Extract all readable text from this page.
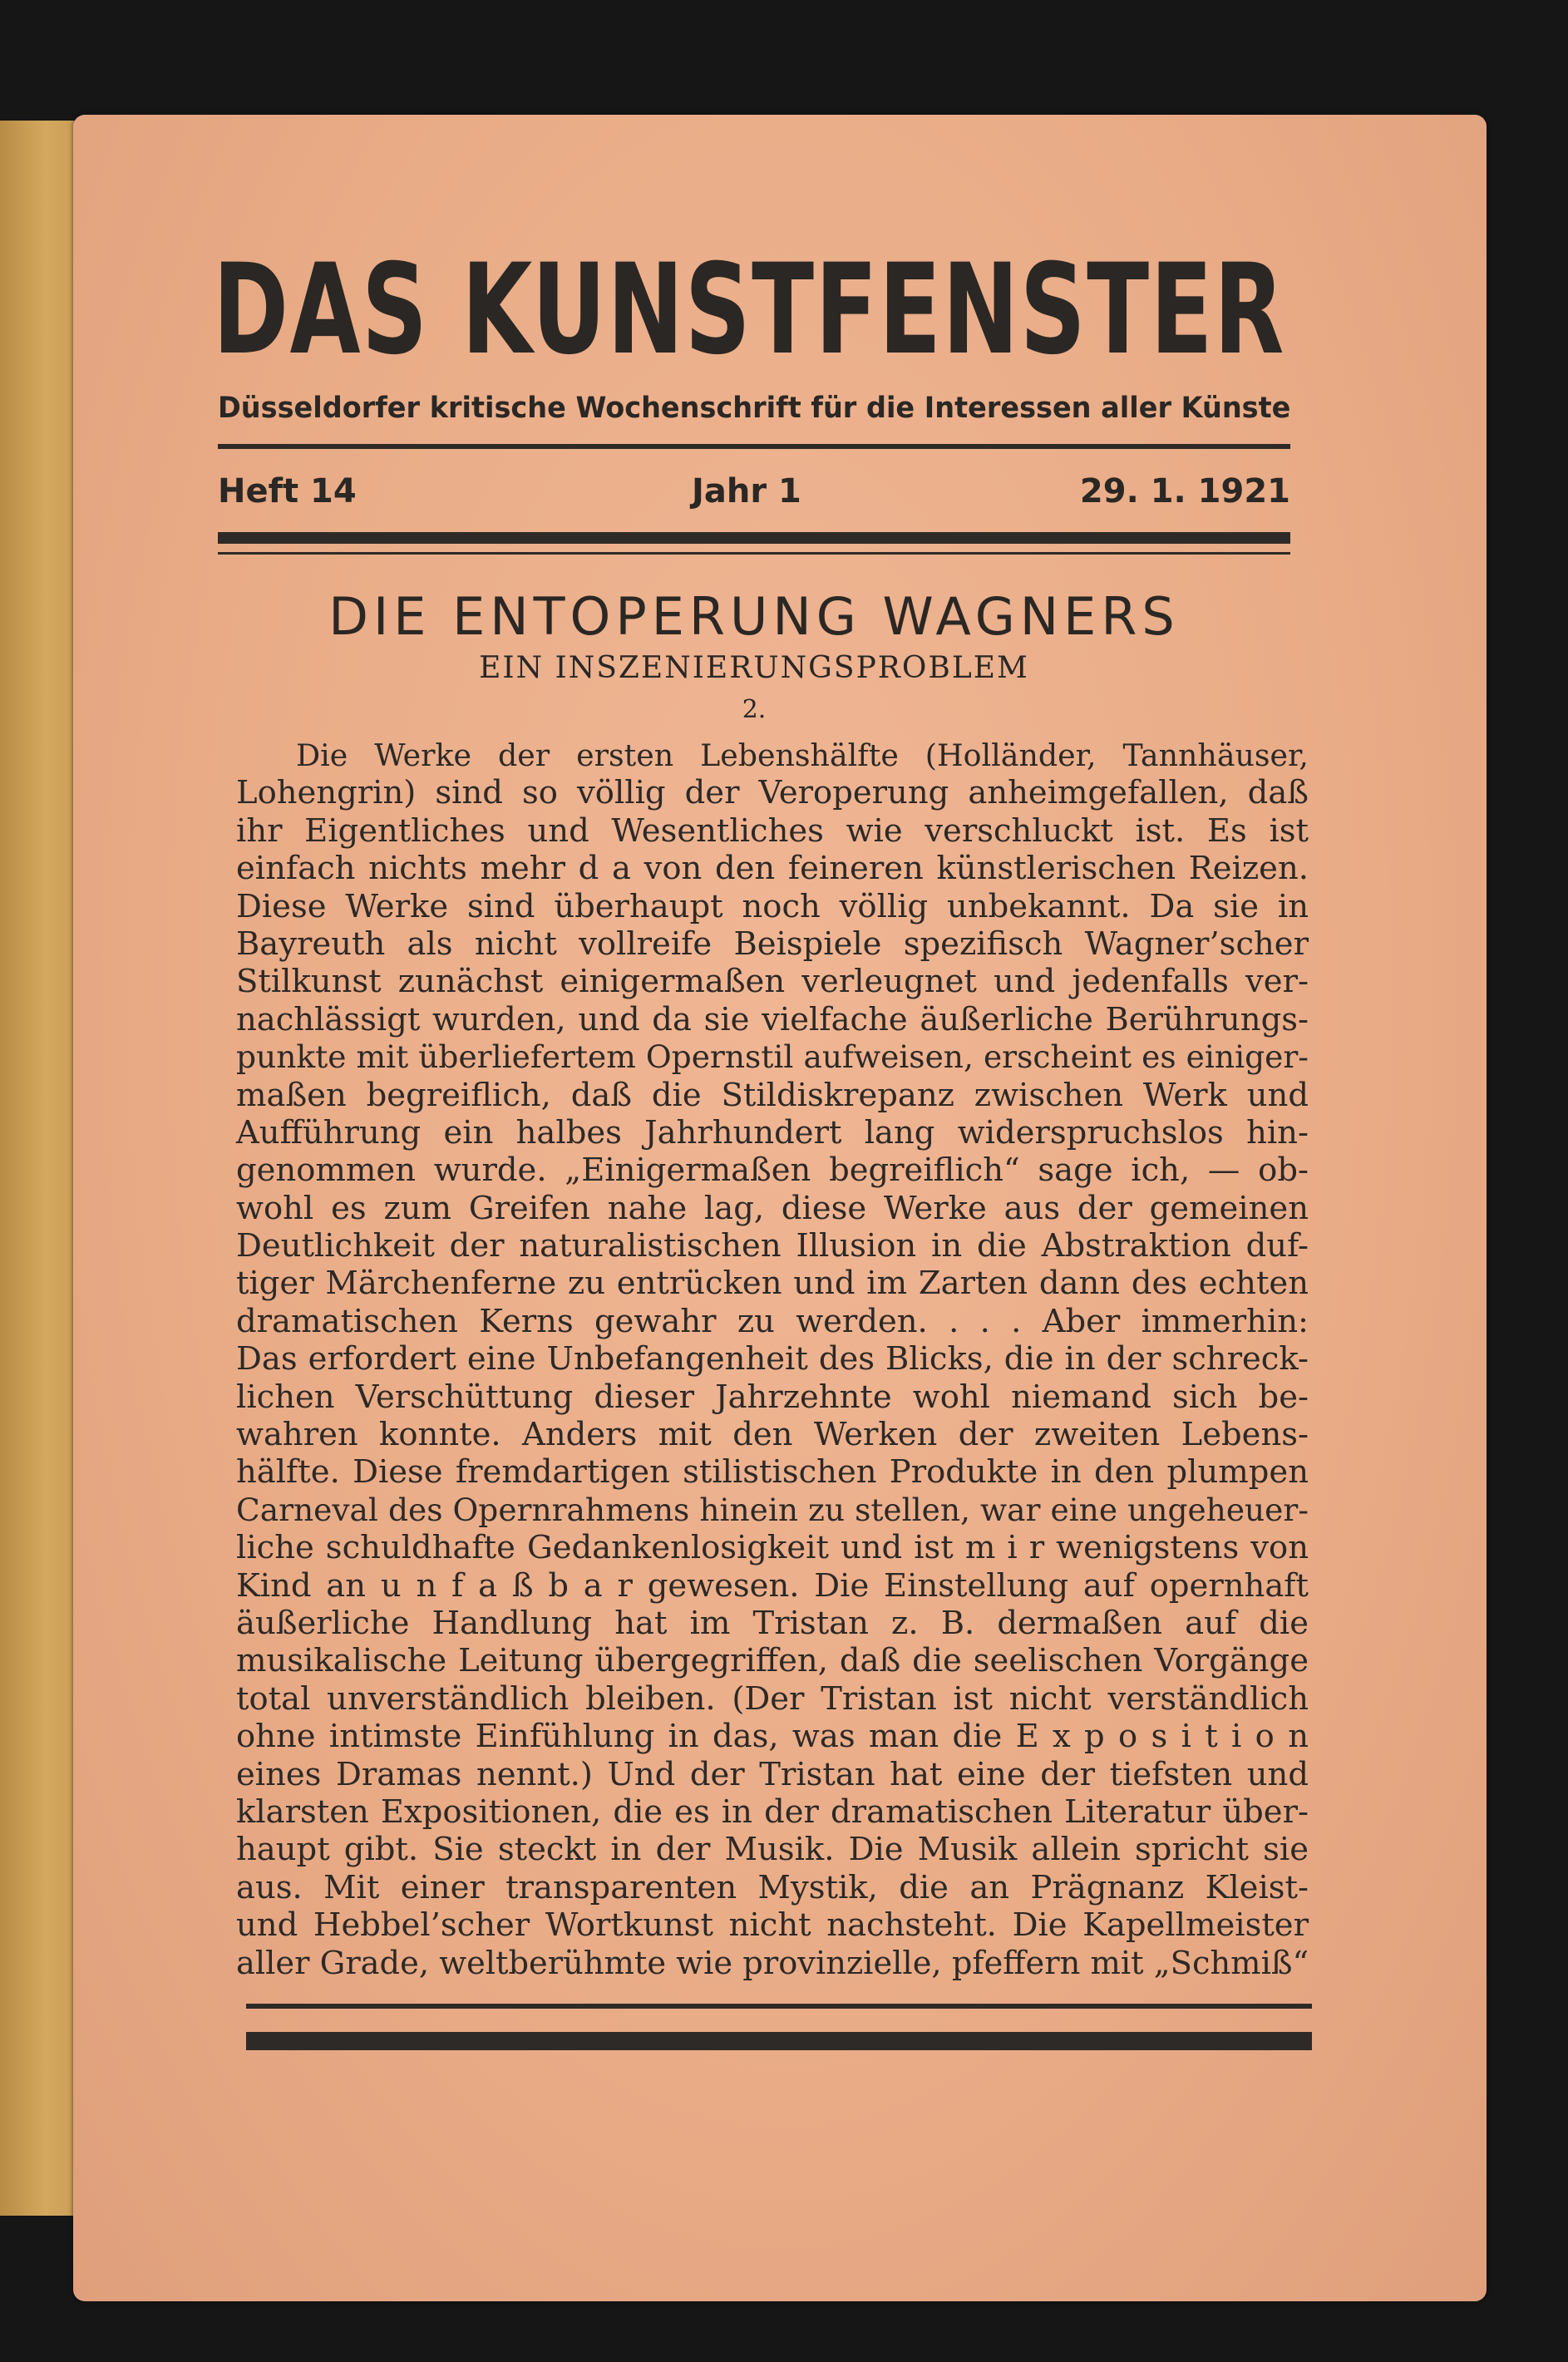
DAS KUNSTFENSTER

Düsseldorfer kritische Wochenschrift für die Interessen aller Künste

Heft 14	Jahr 1	29. 1. 1921
DIE ENTOPERUNG WAGNERS

EIN INSZENIERUNGSPROBLEM

2.

Die Werke der ersten Lebenshälfte (Holländer, Tannhäuser,
Lohengrin) sind so völlig der Veroperung anheimgefallen, daß
ihr Eigentliches und Wesentliches wie verschluckt ist. Es ist
einfach nichts mehr d a von den feineren künstlerischen Reizen.
Diese Werke sind überhaupt noch völlig unbekannt. Da sie in
Bayreuth als nicht vollreife Beispiele spezifisch Wagner’scher
Stilkunst zunächst einigermaßen verleugnet und jedenfalls ver-
nachlässigt wurden, und da sie vielfache äußerliche Berührungs-
punkte mit überliefertem Opernstil aufweisen, erscheint es einiger-
maßen begreiflich, daß die Stildiskrepanz zwischen Werk und
Aufführung ein halbes Jahrhundert lang widerspruchslos hin-
genommen wurde. „Einigermaßen begreiflich“ sage ich, — ob-
wohl es zum Greifen nahe lag, diese Werke aus der gemeinen
Deutlichkeit der naturalistischen Illusion in die Abstraktion duf-
tiger Märchenferne zu entrücken und im Zarten dann des echten
dramatischen Kerns gewahr zu werden. . . . Aber immerhin:
Das erfordert eine Unbefangenheit des Blicks, die in der schreck-
lichen Verschüttung dieser Jahrzehnte wohl niemand sich be-
wahren konnte. Anders mit den Werken der zweiten Lebens-
hälfte. Diese fremdartigen stilistischen Produkte in den plumpen
Carneval des Opernrahmens hinein zu stellen, war eine ungeheuer-
liche schuldhafte Gedankenlosigkeit und ist m i r wenigstens von
Kind an u n f a ß b a r gewesen. Die Einstellung auf opernhaft
äußerliche Handlung hat im Tristan z. B. dermaßen auf die
musikalische Leitung übergegriffen, daß die seelischen Vorgänge
total unverständlich bleiben. (Der Tristan ist nicht verständlich
ohne intimste Einfühlung in das, was man die E x p o s i t i o n
eines Dramas nennt.) Und der Tristan hat eine der tiefsten und
klarsten Expositionen, die es in der dramatischen Literatur über-
haupt gibt. Sie steckt in der Musik. Die Musik allein spricht sie
aus. Mit einer transparenten Mystik, die an Prägnanz Kleist-
und Hebbel’scher Wortkunst nicht nachsteht. Die Kapellmeister
aller Grade, weltberühmte wie provinzielle, pfeffern mit „Schmiß“
